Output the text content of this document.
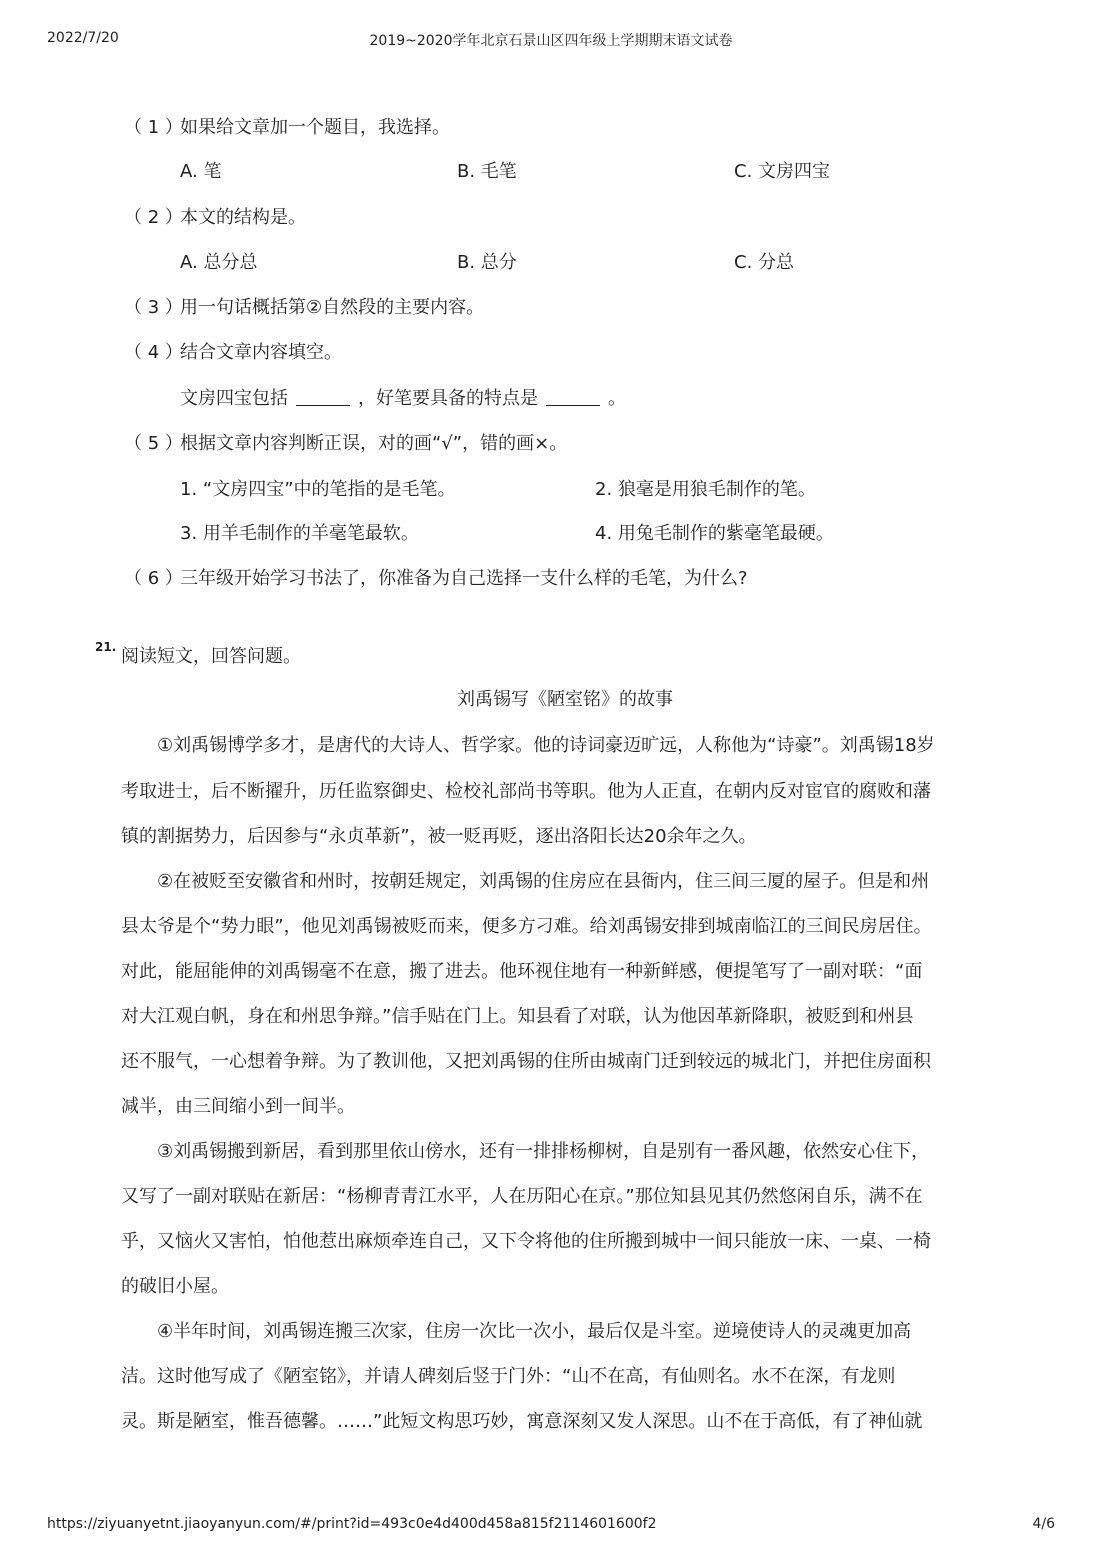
2022/7/20	2019~2020学年北京石景山区四年级上学期期末语文试卷
（ 1 ）
如果给文章加一个题目，我选择。
A. 笔	B. 毛笔	C. 文房四宝
（ 2 ）
本文的结构是。
A. 总分总	B. 总分	C. 分总
（ 3 ）
用一句话概括第②自然段的主要内容。
（ 4 ）
结合文章内容填空。
文房四宝包括	，好笔要具备的特点是	。
（ 5 ）
根据文章内容判断正误，对的画“√”，错的画×。
1. “文房四宝”中的笔指的是毛笔。	2. 狼毫是用狼毛制作的笔。
3. 用羊毛制作的羊毫笔最软。	4. 用兔毛制作的紫毫笔最硬。
（ 6 ）
三年级开始学习书法了，你准备为自己选择一支什么样的毛笔，为什么?
21. 阅读短文，回答问题。
刘禹锡写《陋室铭》的故事
　　①刘禹锡博学多才，是唐代的大诗人、哲学家。他的诗词豪迈旷远，人称他为“诗豪”。刘禹锡18岁
考取进士，后不断擢升，历任监察御史、检校礼部尚书等职。他为人正直，在朝内反对宦官的腐败和藩
镇的割据势力，后因参与“永贞革新”，被一贬再贬，逐出洛阳长达20余年之久。
　　②在被贬至安徽省和州时，按朝廷规定，刘禹锡的住房应在县衙内，住三间三厦的屋子。但是和州
县太爷是个“势力眼”，他见刘禹锡被贬而来，便多方刁难。给刘禹锡安排到城南临江的三间民房居住。
对此，能屈能伸的刘禹锡毫不在意，搬了进去。他环视住地有一种新鲜感，便提笔写了一副对联：“面
对大江观白帆，身在和州思争辩。”信手贴在门上。知县看了对联，认为他因革新降职，被贬到和州县
还不服气，一心想着争辩。为了教训他，又把刘禹锡的住所由城南门迁到较远的城北门，并把住房面积
减半，由三间缩小到一间半。
　　③刘禹锡搬到新居，看到那里依山傍水，还有一排排杨柳树，自是别有一番风趣，依然安心住下，
又写了一副对联贴在新居：“杨柳青青江水平，人在历阳心在京。”那位知县见其仍然悠闲自乐，满不在
乎，又恼火又害怕，怕他惹出麻烦牵连自己，又下令将他的住所搬到城中一间只能放一床、一桌、一椅
的破旧小屋。
　　④半年时间，刘禹锡连搬三次家，住房一次比一次小，最后仅是斗室。逆境使诗人的灵魂更加高
洁。这时他写成了《陋室铭》，并请人碑刻后竖于门外：“山不在高，有仙则名。水不在深，有龙则
灵。斯是陋室，惟吾德馨。……”此短文构思巧妙，寓意深刻又发人深思。山不在于高低，有了神仙就
https://ziyuanyetnt.jiaoyanyun.com/#/print?id=493c0e4d400d458a815f2114601600f2	4/6
